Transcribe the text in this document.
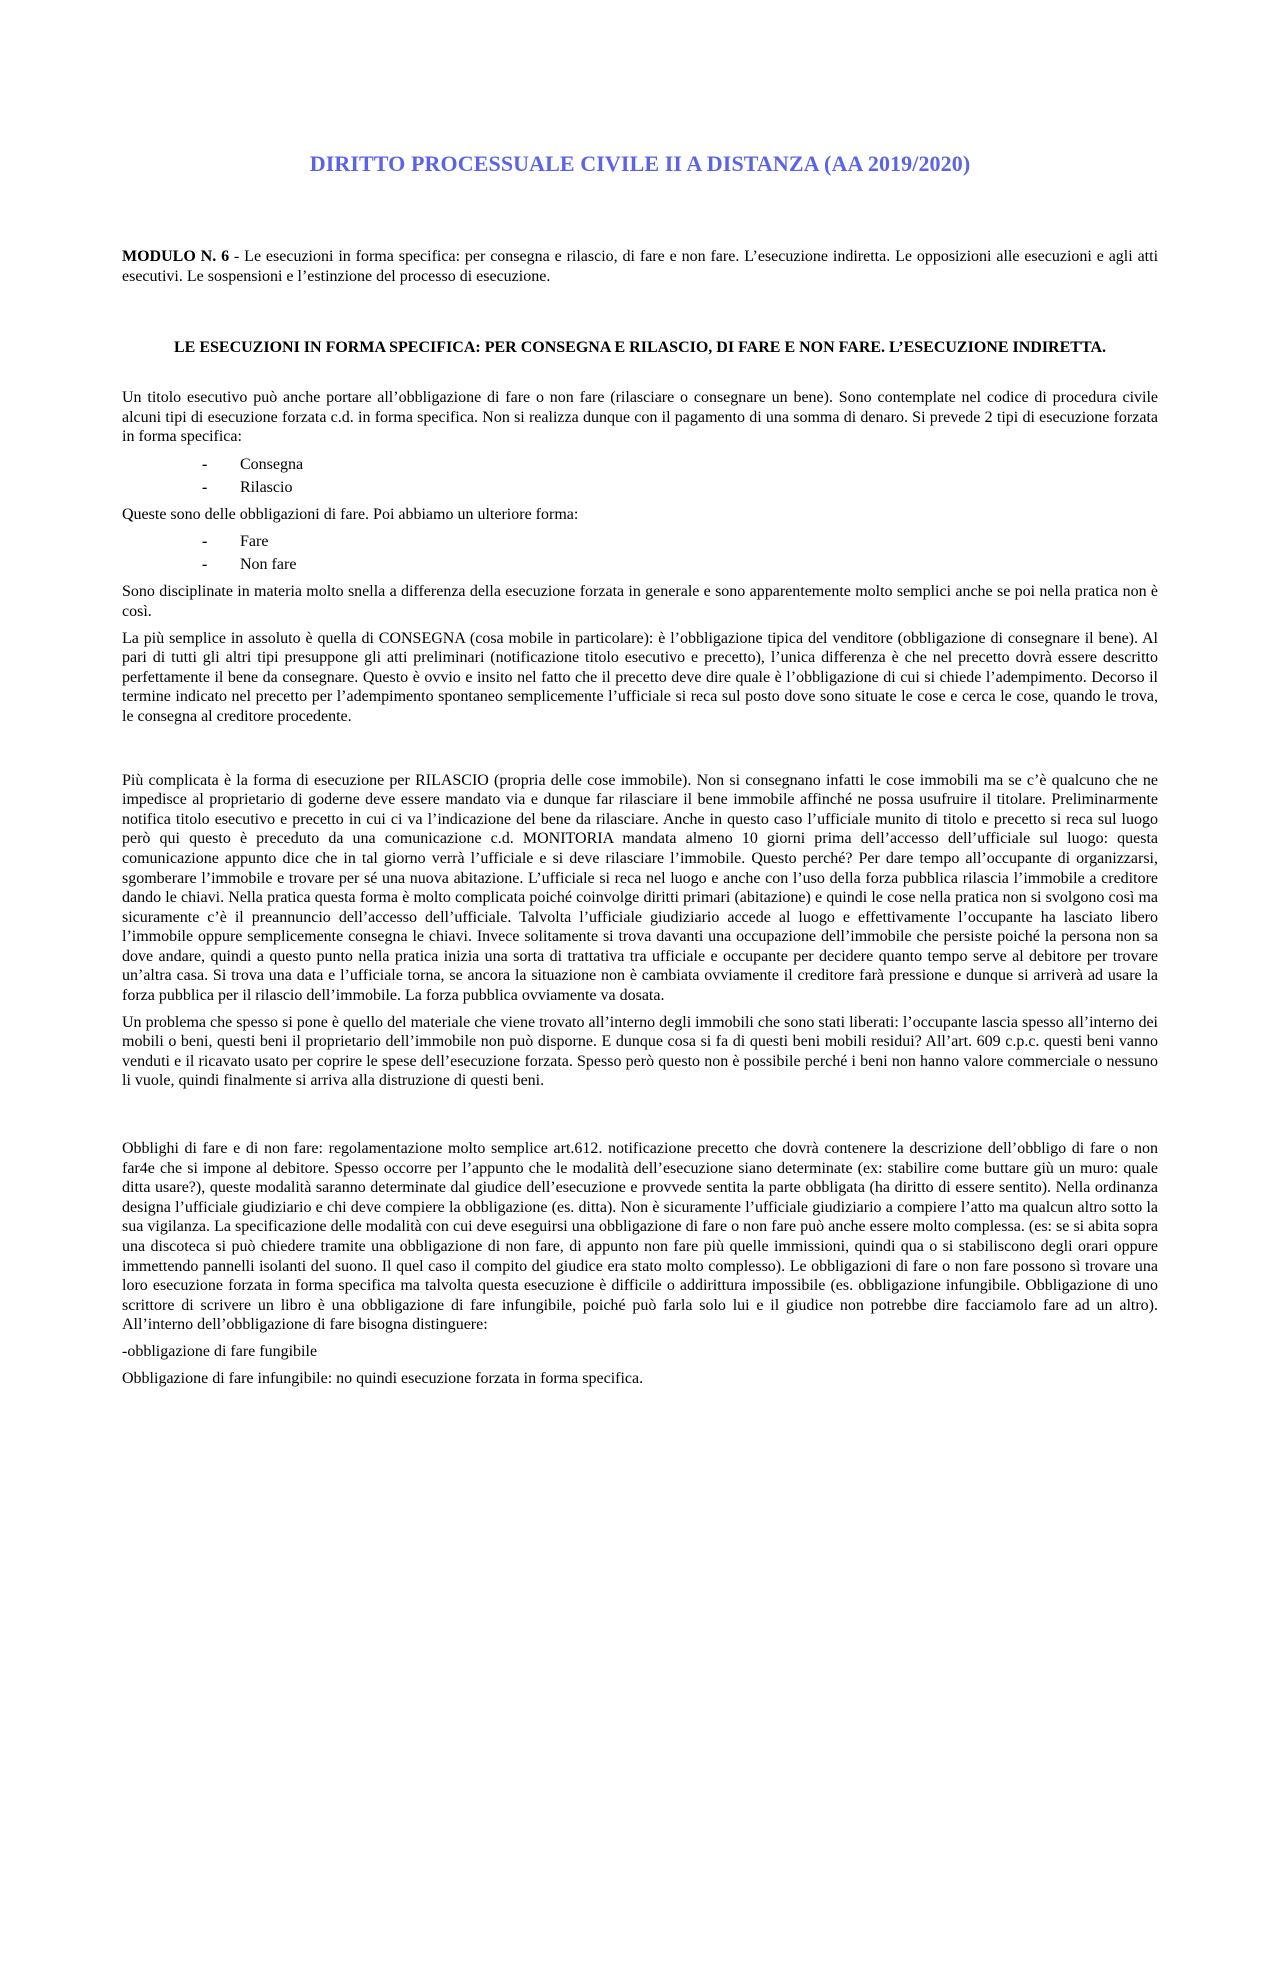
DIRITTO PROCESSUALE CIVILE II A DISTANZA (AA 2019/2020)
MODULO N. 6 - Le esecuzioni in forma specifica: per consegna e rilascio, di fare e non fare. L’esecuzione indiretta. Le opposizioni alle esecuzioni e agli atti esecutivi. Le sospensioni e l’estinzione del processo di esecuzione.
LE ESECUZIONI IN FORMA SPECIFICA: PER CONSEGNA E RILASCIO, DI FARE E NON FARE. L’ESECUZIONE INDIRETTA.

Un titolo esecutivo può anche portare all’obbligazione di fare o non fare (rilasciare o consegnare un bene). Sono contemplate nel codice di procedura civile alcuni tipi di esecuzione forzata c.d. in forma specifica. Non si realizza dunque con il pagamento di una somma di denaro. Si prevede 2 tipi di esecuzione forzata in forma specifica:

- Consegna
- Rilascio

Queste sono delle obbligazioni di fare. Poi abbiamo un ulteriore forma:

- Fare
- Non fare

Sono disciplinate in materia molto snella a differenza della esecuzione forzata in generale e sono apparentemente molto semplici anche se poi nella pratica non è così.

La più semplice in assoluto è quella di CONSEGNA (cosa mobile in particolare): è l’obbligazione tipica del venditore (obbligazione di consegnare il bene). Al pari di tutti gli altri tipi presuppone gli atti preliminari (notificazione titolo esecutivo e precetto), l’unica differenza è che nel precetto dovrà essere descritto perfettamente il bene da consegnare. Questo è ovvio e insito nel fatto che il precetto deve dire quale è l’obbligazione di cui si chiede l’adempimento. Decorso il termine indicato nel precetto per l’adempimento spontaneo semplicemente l’ufficiale si reca sul posto dove sono situate le cose e cerca le cose, quando le trova, le consegna al creditore procedente.

Più complicata è la forma di esecuzione per RILASCIO (propria delle cose immobile). Non si consegnano infatti le cose immobili ma se c’è qualcuno che ne impedisce al proprietario di goderne deve essere mandato via e dunque far rilasciare il bene immobile affinché ne possa usufruire il titolare. Preliminarmente notifica titolo esecutivo e precetto in cui ci va l’indicazione del bene da rilasciare. Anche in questo caso l’ufficiale munito di titolo e precetto si reca sul luogo però qui questo è preceduto da una comunicazione c.d. MONITORIA mandata almeno 10 giorni prima dell’accesso dell’ufficiale sul luogo: questa comunicazione appunto dice che in tal giorno verrà l’ufficiale e si deve rilasciare l’immobile. Questo perché? Per dare tempo all’occupante di organizzarsi, sgomberare l’immobile e trovare per sé una nuova abitazione. L’ufficiale si reca nel luogo e anche con l’uso della forza pubblica rilascia l’immobile a creditore dando le chiavi. Nella pratica questa forma è molto complicata poiché coinvolge diritti primari (abitazione) e quindi le cose nella pratica non si svolgono così ma sicuramente c’è il preannuncio dell’accesso dell’ufficiale. Talvolta l’ufficiale giudiziario accede al luogo e effettivamente l’occupante ha lasciato libero l’immobile oppure semplicemente consegna le chiavi. Invece solitamente si trova davanti una occupazione dell’immobile che persiste poiché la persona non sa dove andare, quindi a questo punto nella pratica inizia una sorta di trattativa tra ufficiale e occupante per decidere quanto tempo serve al debitore per trovare un’altra casa. Si trova una data e l’ufficiale torna, se ancora la situazione non è cambiata ovviamente il creditore farà pressione e dunque si arriverà ad usare la forza pubblica per il rilascio dell’immobile. La forza pubblica ovviamente va dosata.

Un problema che spesso si pone è quello del materiale che viene trovato all’interno degli immobili che sono stati liberati: l’occupante lascia spesso all’interno dei mobili o beni, questi beni il proprietario dell’immobile non può disporne. E dunque cosa si fa di questi beni mobili residui? All’art. 609 c.p.c. questi beni vanno venduti e il ricavato usato per coprire le spese dell’esecuzione forzata. Spesso però questo non è possibile perché i beni non hanno valore commerciale o nessuno li vuole, quindi finalmente si arriva alla distruzione di questi beni.

Obblighi di fare e di non fare: regolamentazione molto semplice art.612. notificazione precetto che dovrà contenere la descrizione dell’obbligo di fare o non far4e che si impone al debitore. Spesso occorre per l’appunto che le modalità dell’esecuzione siano determinate (ex: stabilire come buttare giù un muro: quale ditta usare?), queste modalità saranno determinate dal giudice dell’esecuzione e provvede sentita la parte obbligata (ha diritto di essere sentito). Nella ordinanza designa l’ufficiale giudiziario e chi deve compiere la obbligazione (es. ditta). Non è sicuramente l’ufficiale giudiziario a compiere l’atto ma qualcun altro sotto la sua vigilanza. La specificazione delle modalità con cui deve eseguirsi una obbligazione di fare o non fare può anche essere molto complessa. (es: se si abita sopra una discoteca si può chiedere tramite una obbligazione di non fare, di appunto non fare più quelle immissioni, quindi qua o si stabiliscono degli orari oppure immettendo pannelli isolanti del suono. Il quel caso il compito del giudice era stato molto complesso). Le obbligazioni di fare o non fare possono sì trovare una loro esecuzione forzata in forma specifica ma talvolta questa esecuzione è difficile o addirittura impossibile (es. obbligazione infungibile. Obbligazione di uno scrittore di scrivere un libro è una obbligazione di fare infungibile, poiché può farla solo lui e il giudice non potrebbe dire facciamolo fare ad un altro). All’interno dell’obbligazione di fare bisogna distinguere:

-obbligazione di fare fungibile

Obbligazione di fare infungibile: no quindi esecuzione forzata in forma specifica.
